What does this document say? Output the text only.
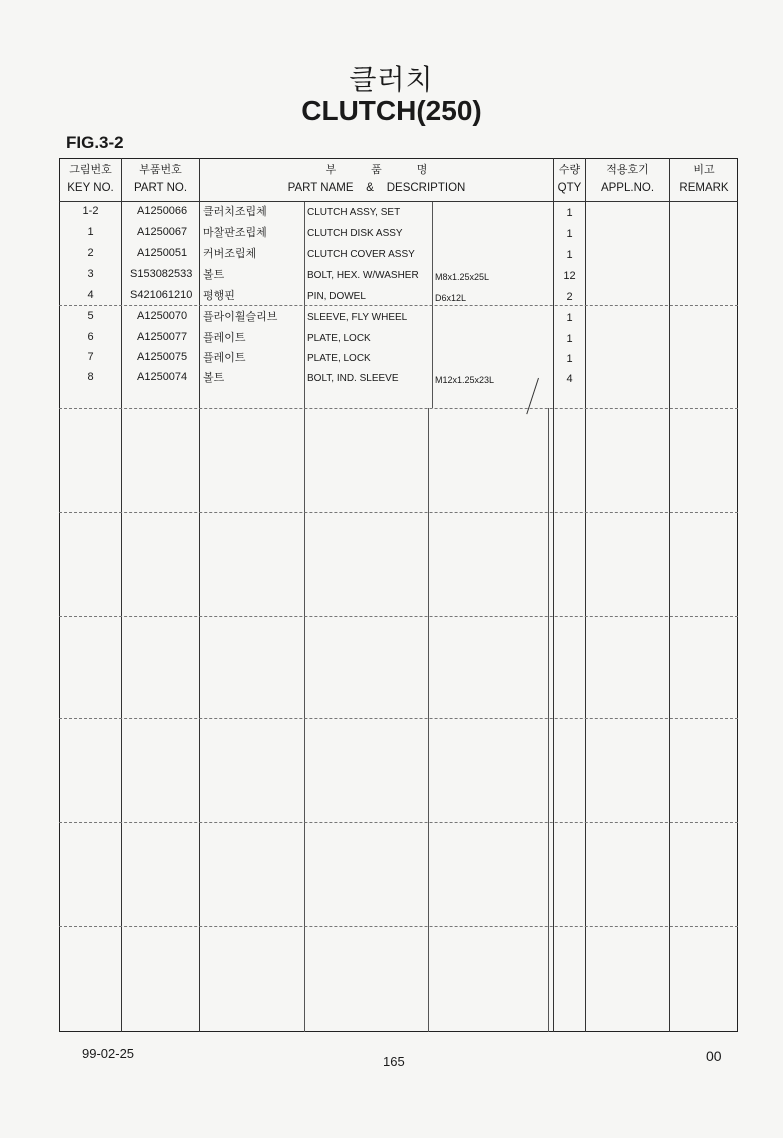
클러치
CLUTCH(250)
FIG.3-2
그림번호
KEY NO.
부품번호
PART NO.
부          품          명
PART NAME    &    DESCRIPTION
수량
QTY
적용호기
APPL.NO.
비고
REMARK
1-2	A1250066 클러치조립체	CLUTCH ASSY, SET	1
1	A1250067 마찰판조립체	CLUTCH DISK ASSY	1
2	A1250051 커버조립체	CLUTCH COVER ASSY	1
3	S153082533 볼트	BOLT, HEX. W/WASHER M8x1.25x25L	12
4	S421061210 평행핀	PIN, DOWEL	D6x12L	2
5	A1250070 플라이휠슬리브	SLEEVE, FLY WHEEL	1
6	A1250077 플레이트	PLATE, LOCK	1
7	A1250075 플레이트	PLATE, LOCK	1
8	A1250074 볼트	BOLT, IND. SLEEVE	M12x1.25x23L	4
99-02-25
165	00
